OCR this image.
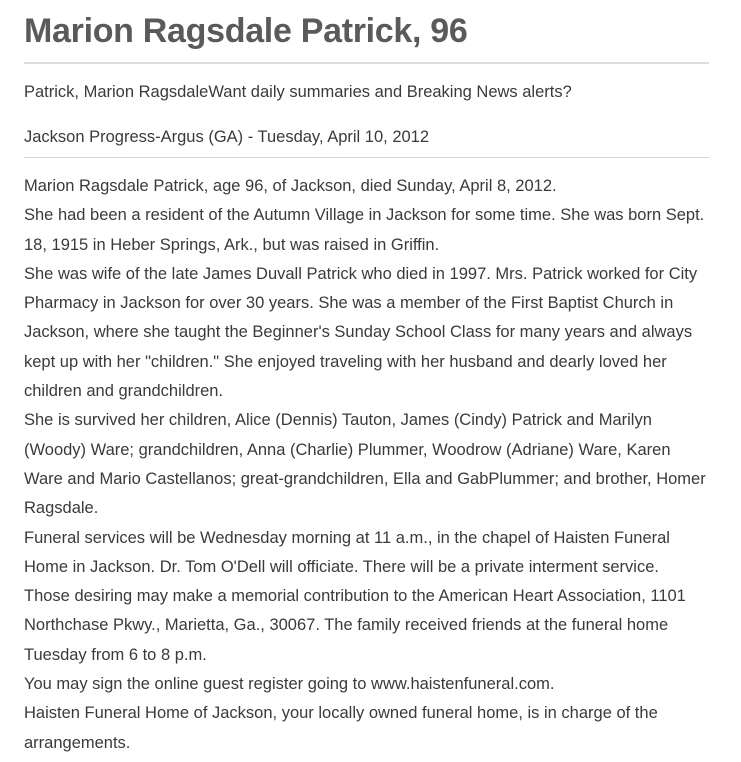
Marion Ragsdale Patrick, 96
Patrick, Marion RagsdaleWant daily summaries and Breaking News alerts?
Jackson Progress-Argus (GA) - Tuesday, April 10, 2012

Marion Ragsdale Patrick, age 96, of Jackson, died Sunday, April 8, 2012.

She had been a resident of the Autumn Village in Jackson for some time. She was born Sept. 18, 1915 in Heber Springs, Ark., but was raised in Griffin.

She was wife of the late James Duvall Patrick who died in 1997. Mrs. Patrick worked for City Pharmacy in Jackson for over 30 years. She was a member of the First Baptist Church in Jackson, where she taught the Beginner's Sunday School Class for many years and always kept up with her "children." She enjoyed traveling with her husband and dearly loved her children and grandchildren.

She is survived her children, Alice (Dennis) Tauton, James (Cindy) Patrick and Marilyn (Woody) Ware; grandchildren, Anna (Charlie) Plummer, Woodrow (Adriane) Ware, Karen Ware and Mario Castellanos; great-grandchildren, Ella and GabPlummer; and brother, Homer Ragsdale.

Funeral services will be Wednesday morning at 11 a.m., in the chapel of Haisten Funeral Home in Jackson. Dr. Tom O'Dell will officiate. There will be a private interment service. Those desiring may make a memorial contribution to the American Heart Association, 1101 Northchase Pkwy., Marietta, Ga., 30067. The family received friends at the funeral home Tuesday from 6 to 8 p.m.

You may sign the online guest register going to www.haistenfuneral.com.

Haisten Funeral Home of Jackson, your locally owned funeral home, is in charge of the arrangements.
